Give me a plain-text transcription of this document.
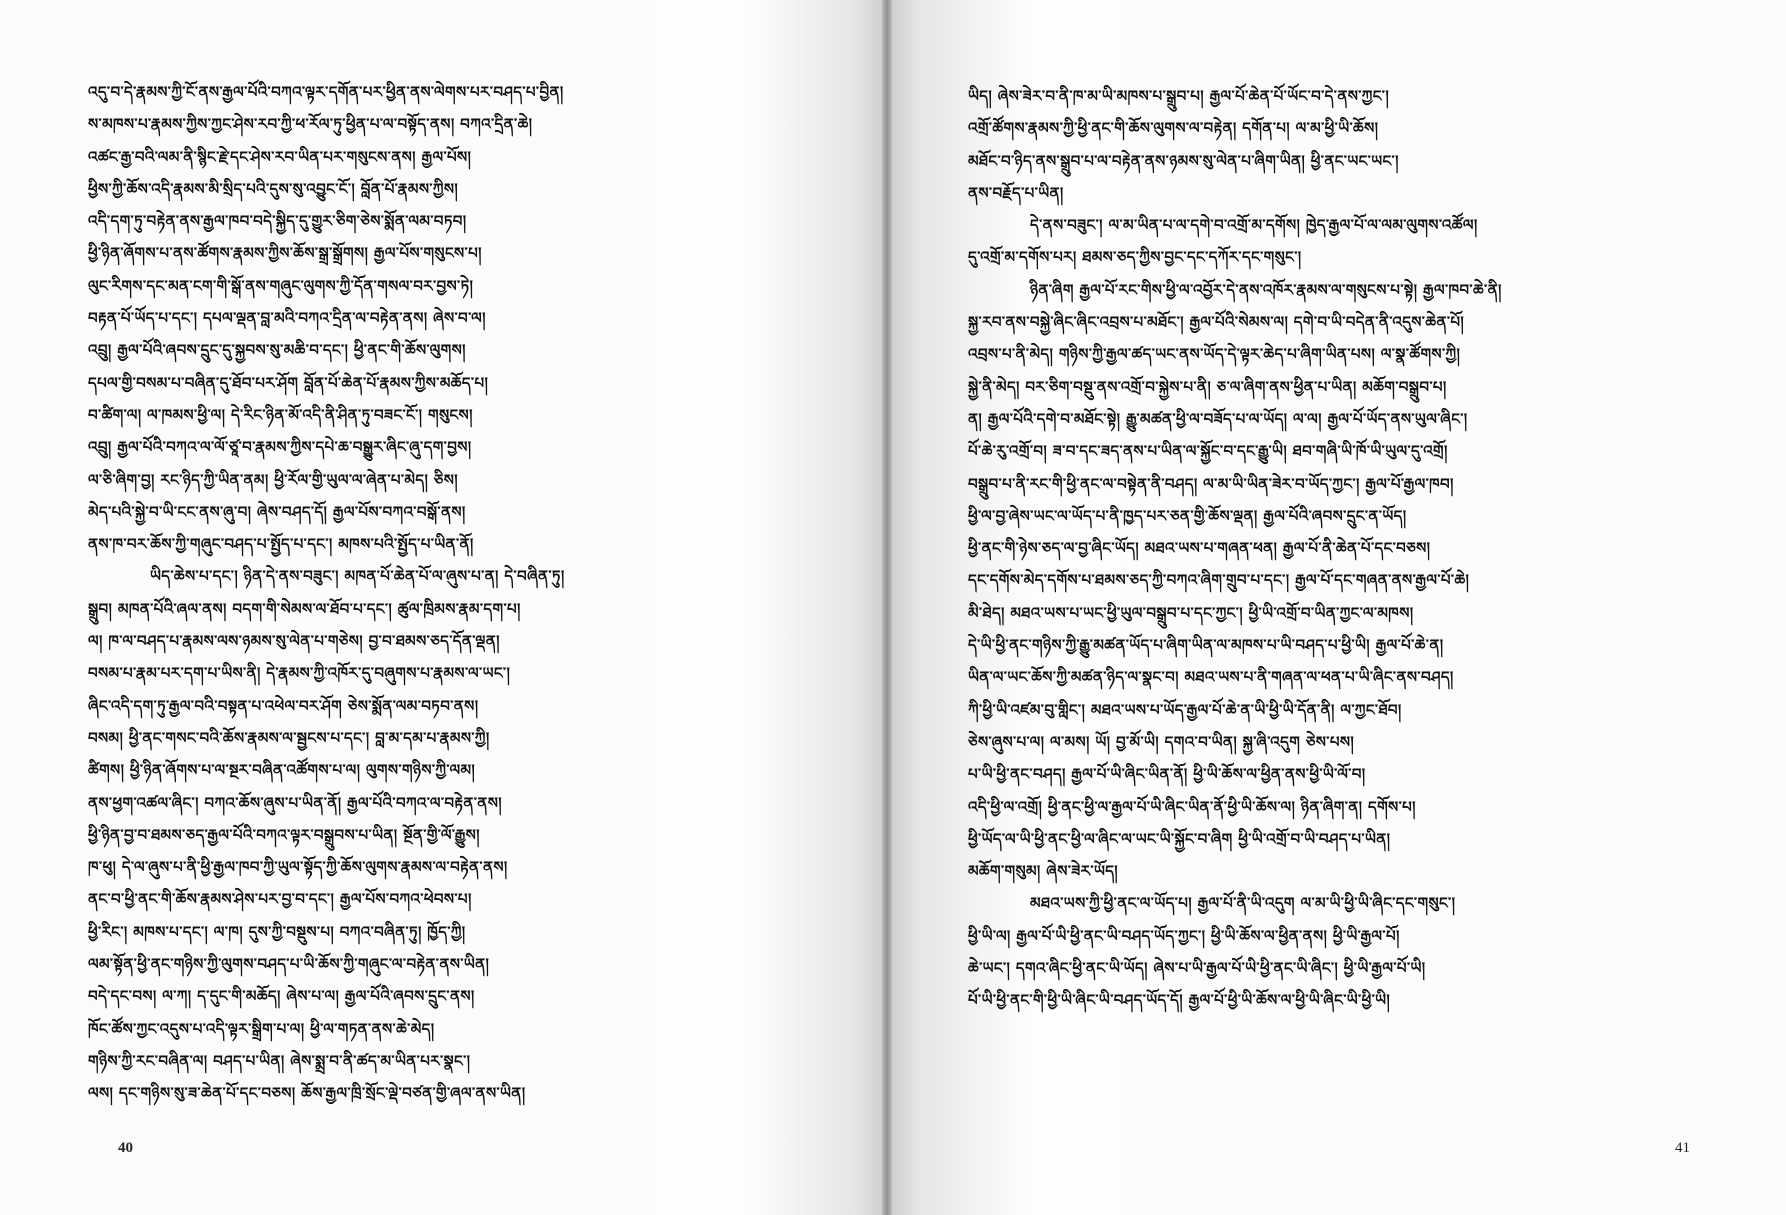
འདུ་བ་དེ་རྣམས་ཀྱི་ངོ་ནས་རྒྱལ་པོའི་བཀའ་ལྟར་དགོན་པར་ཕྱིན་ནས་ལེགས་པར་བཤད་པ་བྱིན།
ས་མཁས་པ་རྣམས་ཀྱིས་ཀྱང་ཤེས་རབ་ཀྱི་ཕ་རོལ་ཏུ་ཕྱིན་པ་ལ་བསྟོད་ནས། བཀའ་དྲིན་ཆེ།
འཚང་རྒྱ་བའི་ལམ་ནི་སྙིང་རྗེ་དང་ཤེས་རབ་ཡིན་པར་གསུངས་ནས། རྒྱལ་པོས།
ཕྱིས་ཀྱི་ཆོས་འདི་རྣམས་མི་སྲིད་པའི་དུས་སུ་འབྱུང་ངོ་། བློན་པོ་རྣམས་ཀྱིས།
འདི་དག་ཏུ་བརྟེན་ནས་རྒྱལ་ཁབ་བདེ་སྐྱིད་དུ་གྱུར་ཅིག་ཅེས་སྨོན་ལམ་བཏབ།
ཕྱི་ཉིན་ཞོགས་པ་ནས་ཚོགས་རྣམས་ཀྱིས་ཆོས་སྒྲ་སྒྲོགས། རྒྱལ་པོས་གསུངས་པ།
ལུང་རིགས་དང་མན་ངག་གི་སྒོ་ནས་གཞུང་ལུགས་ཀྱི་དོན་གསལ་བར་བྱས་ཏེ།
བརྟན་པོ་ཡོད་པ་དང་། དཔལ་ལྡན་བླ་མའི་བཀའ་དྲིན་ལ་བརྟེན་ནས། ཞེས་བ་ལ།
འབྲུ། རྒྱལ་པོའི་ཞབས་དྲུང་དུ་སྐྱབས་སུ་མཆི་བ་དང་། ཕྱི་ནང་གི་ཆོས་ལུགས།
དཔལ་གྱི་བསམ་པ་བཞིན་དུ་ཐོབ་པར་ཤོག བློན་པོ་ཆེན་པོ་རྣམས་ཀྱིས་མཆོད་པ།
བ་ཚིག་ལ། ལ་ཁམས་ཕྱི་ལ། དེ་རིང་ཉིན་མོ་འདི་ནི་ཤིན་ཏུ་བཟང་ངོ་། གསུངས།
འབྲུ། རྒྱལ་པོའི་བཀའ་ལ་ལོ་ཙཱ་བ་རྣམས་ཀྱིས་དཔེ་ཆ་བསྒྱུར་ཞིང་ཞུ་དག་བྱས།
ལ་ཅི་ཞིག་བྱ། རང་ཉིད་ཀྱི་ཡིན་ནམ། ཕྱི་རོལ་གྱི་ཡུལ་ལ་ཞེན་པ་མེད། ཅིས།
མེད་པའི་སྐྱེ་བ་ཡི་ངང་ནས་ཞུ་བ། ཞེས་བཤད་དོ། རྒྱལ་པོས་བཀའ་བསྒོ་ནས།
ནས་ཁ་བར་ཆོས་ཀྱི་གཞུང་བཤད་པ་སྤྱོད་པ་དང་། མཁས་པའི་སྤྱོད་པ་ཡིན་ནོ།
ཡིད་ཆེས་པ་དང་། ཉིན་དེ་ནས་བཟུང་། མཁན་པོ་ཆེན་པོ་ལ་ཞུས་པ་ན། དེ་བཞིན་ཏུ།
སྒྲུབ། མཁན་པོའི་ཞལ་ནས། བདག་གི་སེམས་ལ་ཐོབ་པ་དང་། ཚུལ་ཁྲིམས་རྣམ་དག་པ།
ལ། ཁ་ལ་བཤད་པ་རྣམས་ལས་ཉམས་སུ་ལེན་པ་གཅེས། བྱ་བ་ཐམས་ཅད་དོན་ལྡན།
བསམ་པ་རྣམ་པར་དག་པ་ཡིས་ནི། དེ་རྣམས་ཀྱི་འཁོར་དུ་བཞུགས་པ་རྣམས་ལ་ཡང་།
ཞིང་འདི་དག་ཏུ་རྒྱལ་བའི་བསྟན་པ་འཕེལ་བར་ཤོག ཅེས་སྨོན་ལམ་བཏབ་ནས།
བསམ། ཕྱི་ནང་གསང་བའི་ཆོས་རྣམས་ལ་སྦྱངས་པ་དང་། བླ་མ་དམ་པ་རྣམས་ཀྱི།
ཚིགས། ཕྱི་ཉིན་ཞོགས་པ་ལ་སྔར་བཞིན་འཚོགས་པ་ལ། ལུགས་གཉིས་ཀྱི་ལམ།
ནས་ཕྱག་འཚལ་ཞིང་། བཀའ་ཆོས་ཞུས་པ་ཡིན་ནོ། རྒྱལ་པོའི་བཀའ་ལ་བརྟེན་ནས།
ཕྱི་ཉིན་བྱ་བ་ཐམས་ཅད་རྒྱལ་པོའི་བཀའ་ལྟར་བསྒྲུབས་པ་ཡིན། སྔོན་གྱི་ལོ་རྒྱུས།
ཁ་ཕུ། དེ་ལ་ཞུས་པ་ནི་ཕྱི་རྒྱལ་ཁབ་ཀྱི་ཡུལ་སྟོད་ཀྱི་ཆོས་ལུགས་རྣམས་ལ་བརྟེན་ནས།
ནང་བ་ཕྱི་ནང་གི་ཆོས་རྣམས་ཤེས་པར་བྱ་བ་དང་། རྒྱལ་པོས་བཀའ་ཕེབས་པ།
ཕྱི་རིང་། མཁས་པ་དང་། ལ་ཁ། དུས་ཀྱི་བསྡུས་པ། བཀའ་བཞིན་ཏུ། ཁྱོད་ཀྱི།
ལམ་སྟོན་ཕྱི་ནང་གཉིས་ཀྱི་ལུགས་བཤད་པ་ཡི་ཆོས་ཀྱི་གཞུང་ལ་བརྟེན་ནས་ཡིན།
བདེ་དང་བས། ལ་ཀ། ད་དུང་གི་མཆོད། ཞེས་པ་ལ། རྒྱལ་པོའི་ཞབས་དྲུང་ནས།
ཁོང་ཚོས་ཀྱང་འདུས་པ་འདི་ལྟར་སྒྲིག་པ་ལ། ཕྱི་ལ་གཏན་ནས་ཆེ་མེད།
གཉིས་ཀྱི་རང་བཞིན་ལ། བཤད་པ་ཡིན། ཞེས་སྨྲ་བ་ནི་ཚད་མ་ཡིན་པར་སྣང་།
ལས། དང་གཉིས་སུ་ཟ་ཆེན་པོ་དང་བཅས། ཆོས་རྒྱལ་ཁྲི་སྲོང་ལྡེ་བཙན་གྱི་ཞལ་ནས་ཡིན།
40
ཡིད། ཞེས་ཟེར་བ་ནི་ཁ་མ་ཡི་མཁས་པ་སྒྲུབ་པ། རྒྱལ་པོ་ཆེན་པོ་ཡོང་བ་དེ་ནས་ཀྱང་།
འགྲོ་ཚོགས་རྣམས་ཀྱི་ཕྱི་ནང་གི་ཆོས་ལུགས་ལ་བརྟེན། དགོན་པ། ལ་མ་ཕྱི་ཡི་ཆོས།
མཐོང་བ་ཉིད་ནས་སྒྲུབ་པ་ལ་བརྟེན་ནས་ཉམས་སུ་ལེན་པ་ཞིག་ཡིན། ཕྱི་ནང་ཡང་ཡང་།
ནས་བརྗོད་པ་ཡིན།
དེ་ནས་བཟུང་། ལ་མ་ཡིན་པ་ལ་དགེ་བ་འགྲོ་མ་དགོས། ཁྱེད་རྒྱལ་པོ་ལ་ལམ་ལུགས་འཚོལ།
དུ་འགྲོ་མ་དགོས་པར། ཐམས་ཅད་ཀྱིས་བྱང་དང་དཀོར་དང་གསུང་།
ཉིན་ཞིག རྒྱལ་པོ་རང་གིས་ཕྱི་ལ་འབྱོར་དེ་ནས་འཁོར་རྣམས་ལ་གསུངས་པ་སྟེ། རྒྱལ་ཁབ་ཆེ་ནི།
སྐྱ་རབ་ནས་བསྐྱེ་ཞིང་ཞིང་འབྲས་པ་མཐོང་། རྒྱལ་པོའི་སེམས་ལ། དགེ་བ་ཡི་བདེན་ནི་འདུས་ཆེན་པོ།
འབྲས་པ་ནི་མེད། གཉིས་ཀྱི་རྒྱལ་ཚད་ཡང་ནས་ཡོད་དེ་ལྟར་ཆེད་པ་ཞིག་ཡིན་པས། ལ་སྣ་ཚོགས་ཀྱི།
སྐྱེ་ནི་མེད། བར་ཅིག་བསྡུ་ནས་འགྲོ་བ་སྐྱེས་པ་ནི། ཅ་ལ་ཞིག་ནས་ཕྱིན་པ་ཡིན། མཆོག་བསྒྲུབ་པ།
ན། རྒྱལ་པོའི་དགེ་བ་མཐོང་སྟེ། རྒྱུ་མཚན་ཕྱི་ལ་བཟོད་པ་ལ་ཡོད། ལ་ལ། རྒྱལ་པོ་ཡོད་ནས་ཡུལ་ཞིང་།
པོ་ཆེ་རུ་འགྲོ་བ། ཟ་བ་དང་ཟད་ནས་པ་ཡིན་ལ་སྐྱོང་བ་དང་རྒྱུ་ཡི། ཐབ་གཞི་ཡི་ཁོ་ཡི་ཡུལ་དུ་འགྲོ།
བསྒྲུབ་པ་ནི་རང་གི་ཕྱི་ནང་ལ་བསྟེན་ནི་བཤད། ལ་མ་ཡི་ཡིན་ཟེར་བ་ཡོད་ཀྱང་། རྒྱལ་པོ་རྒྱལ་ཁབ།
ཕྱི་ལ་བྱ་ཞེས་ཡང་ལ་ཡོད་པ་ནི་ཁྱད་པར་ཅན་གྱི་ཆོས་ལྡན། རྒྱལ་པོའི་ཞབས་དྲུང་ན་ཡོད།
ཕྱི་ནང་གི་ཉེས་ཅད་ལ་བྱ་ཞིང་ཡོད། མཐའ་ཡས་པ་གཞན་ཕན། རྒྱལ་པོ་ནི་ཆེན་པོ་དང་བཅས།
དང་དགོས་མེད་དགོས་པ་ཐམས་ཅད་ཀྱི་བཀའ་ཞིག་གྲུབ་པ་དང་། རྒྱལ་པོ་དང་གཞན་ནས་རྒྱལ་པོ་ཆེ།
མི་ཐེད། མཐའ་ཡས་པ་ཡང་ཕྱི་ཡུལ་བསྒྲུབ་པ་དང་ཀྱང་། ཕྱི་ཡི་འགྲོ་བ་ཡིན་ཀྱང་ལ་མཁས།
དེ་ཡི་ཕྱི་ནང་གཉིས་ཀྱི་རྒྱུ་མཚན་ཡོད་པ་ཞིག་ཡིན་ལ་མཁས་པ་ཡི་བཤད་པ་ཕྱི་ཡི། རྒྱལ་པོ་ཆེ་ན།
ཡིན་ལ་ཡང་ཆོས་ཀྱི་མཚན་ཉིད་ལ་སྣང་བ། མཐའ་ཡས་པ་ནི་གཞན་ལ་ཕན་པ་ཡི་ཞིང་ནས་བཤད།
ཀི་ཕྱི་ཡི་འཛམ་བུ་གླིང་། མཐའ་ཡས་པ་ཡོད་རྒྱལ་པོ་ཆེ་ན་ཡི་ཕྱི་ཡི་དོན་ནི། ལ་ཀྱང་ཐོབ།
ཅེས་ཞུས་པ་ལ། ལ་མས། ཡོ། བྱ་མོ་ཡི། དགའ་བ་ཡིན། སྐྱ་ཞི་འདུག ཅེས་པས།
པ་ཡི་ཕྱི་ནང་བཤད། རྒྱལ་པོ་ཡི་ཞིང་ཡིན་ནོ། ཕྱི་ཡི་ཆོས་ལ་ཕྱིན་ནས་ཕྱི་ཡི་ལོ་བ།
འདི་ཕྱི་ལ་འགྲོ། ཕྱི་ནང་ཕྱི་ལ་རྒྱལ་པོ་ཡི་ཞིང་ཡིན་ནོ་ཕྱི་ཡི་ཆོས་ལ། ཉིན་ཞིག་ན། དགོས་པ།
ཕྱི་ཡོད་ལ་ཡི་ཕྱི་ནང་ཕྱི་ལ་ཞིང་ལ་ཡང་ཡི་སྐྱོང་བ་ཞིག ཕྱི་ཡི་འགྲོ་བ་ཡི་བཤད་པ་ཡིན།
མཆོག་གསུམ། ཞེས་ཟེར་ཡོད།
མཐའ་ཡས་ཀྱི་ཕྱི་ནང་ལ་ཡོད་པ། རྒྱལ་པོ་ནི་ཡི་འདུག ལ་མ་ཡི་ཕྱི་ཡི་ཞིང་དང་གསུང་།
ཕྱི་ཡི་ལ། རྒྱལ་པོ་ཡི་ཕྱི་ནང་ཡི་བཤད་ཡོད་ཀྱང་། ཕྱི་ཡི་ཆོས་ལ་ཕྱིན་ནས། ཕྱི་ཡི་རྒྱལ་པོ།
ཆེ་ཡང་། དགའ་ཞིང་ཕྱི་ནང་ཡི་ཡོད། ཞེས་པ་ཡི་རྒྱལ་པོ་ཡི་ཕྱི་ནང་ཡི་ཞིང་། ཕྱི་ཡི་རྒྱལ་པོ་ཡི།
པོ་ཡི་ཕྱི་ནང་གི་ཕྱི་ཡི་ཞིང་ཡི་བཤད་ཡོད་དོ། རྒྱལ་པོ་ཕྱི་ཡི་ཆོས་ལ་ཕྱི་ཡི་ཞིང་ཡི་ཕྱི་ཡི།
41
